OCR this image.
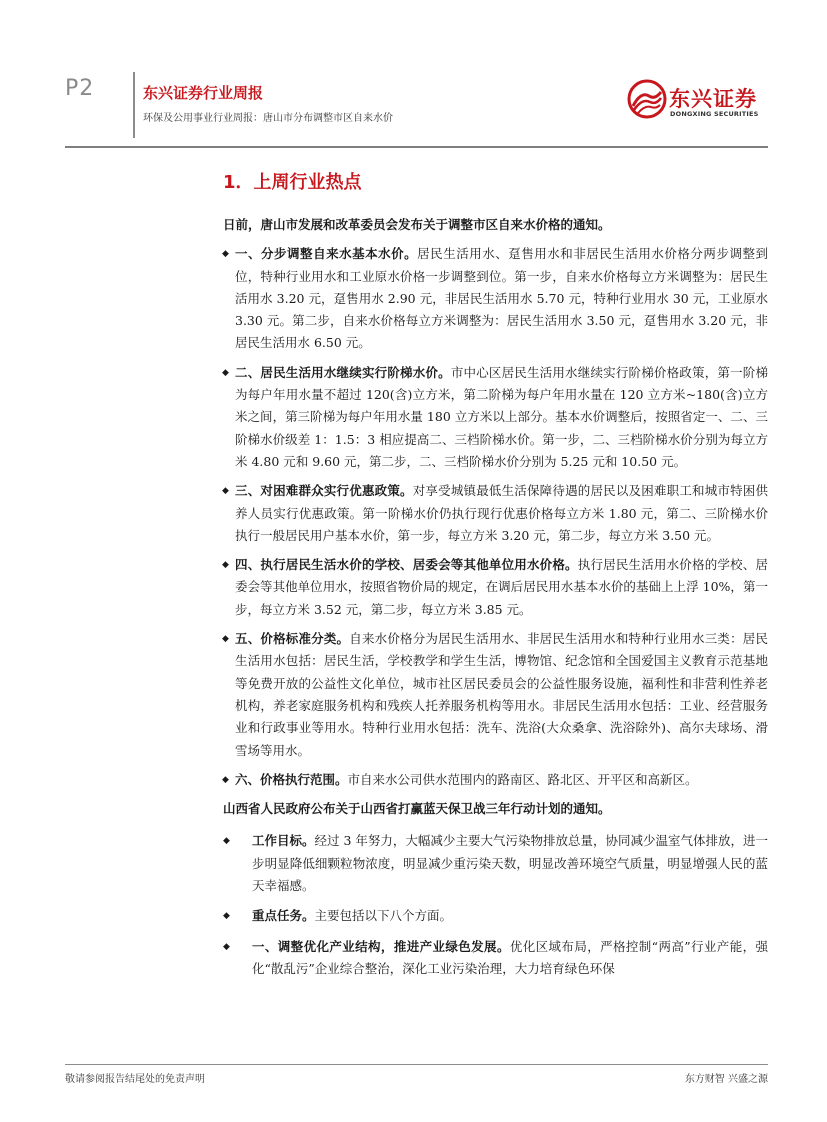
P2	东兴证券行业周报
环保及公用事业行业周报：唐山市分布调整市区自来水价
东兴证券
DONGXING SECURITIES
1．上周行业热点

日前，唐山市发展和改革委员会发布关于调整市区自来水价格的通知。

◆ 一、分步调整自来水基本水价。居民生活用水、趸售用水和非居民生活用水价格分两步调整到位，特种行业用水和工业原水价格一步调整到位。第一步，自来水价格每立方米调整为：居民生活用水 3.20 元，趸售用水 2.90 元，非居民生活用水 5.70 元，特种行业用水 30 元，工业原水 3.30 元。第二步，自来水价格每立方米调整为：居民生活用水 3.50 元，趸售用水 3.20 元，非居民生活用水 6.50 元。

◆ 二、居民生活用水继续实行阶梯水价。市中心区居民生活用水继续实行阶梯价格政策，第一阶梯为每户年用水量不超过 120(含)立方米，第二阶梯为每户年用水量在 120 立方米~180(含)立方米之间，第三阶梯为每户年用水量 180 立方米以上部分。基本水价调整后，按照省定一、二、三阶梯水价级差 1：1.5：3 相应提高二、三档阶梯水价。第一步，二、三档阶梯水价分别为每立方米 4.80 元和 9.60 元，第二步，二、三档阶梯水价分别为 5.25 元和 10.50 元。

◆ 三、对困难群众实行优惠政策。对享受城镇最低生活保障待遇的居民以及困难职工和城市特困供养人员实行优惠政策。第一阶梯水价仍执行现行优惠价格每立方米 1.80 元，第二、三阶梯水价执行一般居民用户基本水价，第一步，每立方米 3.20 元，第二步，每立方米 3.50 元。

◆ 四、执行居民生活水价的学校、居委会等其他单位用水价格。执行居民生活用水价格的学校、居委会等其他单位用水，按照省物价局的规定，在调后居民用水基本水价的基础上上浮 10%，第一步，每立方米 3.52 元，第二步，每立方米 3.85 元。

◆ 五、价格标准分类。自来水价格分为居民生活用水、非居民生活用水和特种行业用水三类：居民生活用水包括：居民生活，学校教学和学生生活，博物馆、纪念馆和全国爱国主义教育示范基地等免费开放的公益性文化单位，城市社区居民委员会的公益性服务设施，福利性和非营利性养老机构，养老家庭服务机构和残疾人托养服务机构等用水。非居民生活用水包括：工业、经营服务业和行政事业等用水。特种行业用水包括：洗车、洗浴(大众桑拿、洗浴除外)、高尔夫球场、滑雪场等用水。

◆ 六、价格执行范围。市自来水公司供水范围内的路南区、路北区、开平区和高新区。

山西省人民政府公布关于山西省打赢蓝天保卫战三年行动计划的通知。

◆ 工作目标。经过 3 年努力，大幅减少主要大气污染物排放总量，协同减少温室气体排放，进一步明显降低细颗粒物浓度，明显减少重污染天数，明显改善环境空气质量，明显增强人民的蓝天幸福感。

◆ 重点任务。主要包括以下八个方面。

◆ 一、调整优化产业结构，推进产业绿色发展。优化区域布局，严格控制“两高”行业产能，强化“散乱污”企业综合整治，深化工业污染治理，大力培育绿色环保

敬请参阅报告结尾处的免责声明	东方财智 兴盛之源
